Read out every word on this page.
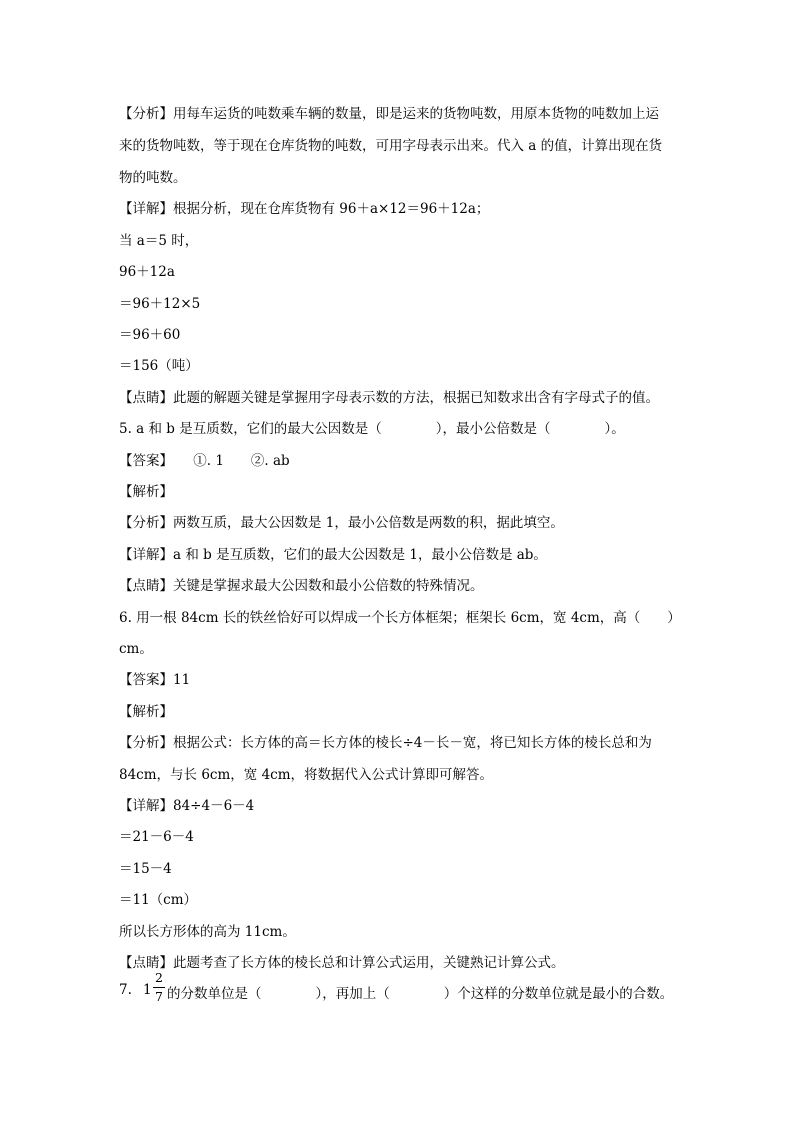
【分析】用每车运货的吨数乘车辆的数量，即是运来的货物吨数，用原本货物的吨数加上运
来的货物吨数，等于现在仓库货物的吨数，可用字母表示出来。代入 a 的值，计算出现在货
物的吨数。
【详解】根据分析，现在仓库货物有 96＋a×12＝96＋12a；
当 a＝5 时，
96＋12a
＝96＋12×5
＝96＋60
＝156（吨）
【点睛】此题的解题关键是掌握用字母表示数的方法，根据已知数求出含有字母式子的值。
5. a 和 b 是互质数，它们的最大公因数是（　　　　），最小公倍数是（　　　　）。
【答案】　　①. 1　　②. ab
【解析】
【分析】两数互质，最大公因数是 1，最小公倍数是两数的积，据此填空。
【详解】a 和 b 是互质数，它们的最大公因数是 1，最小公倍数是 ab。
【点睛】关键是掌握求最大公因数和最小公倍数的特殊情况。
6. 用一根 84cm 长的铁丝恰好可以焊成一个长方体框架；框架长 6cm，宽 4cm，高（　　）
cm。
【答案】11
【解析】
【分析】根据公式：长方体的高＝长方体的棱长÷4－长－宽，将已知长方体的棱长总和为
84cm，与长 6cm，宽 4cm，将数据代入公式计算即可解答。
【详解】84÷4－6－4
＝21－6－4
＝15－4
＝11（cm）
所以长方形体的高为 11cm。
【点睛】此题考查了长方体的棱长总和计算公式运用，关键熟记计算公式。
7. 1
2
7 的分数单位是（　　　　），再加上（　　　　）个这样的分数单位就是最小的合数。
